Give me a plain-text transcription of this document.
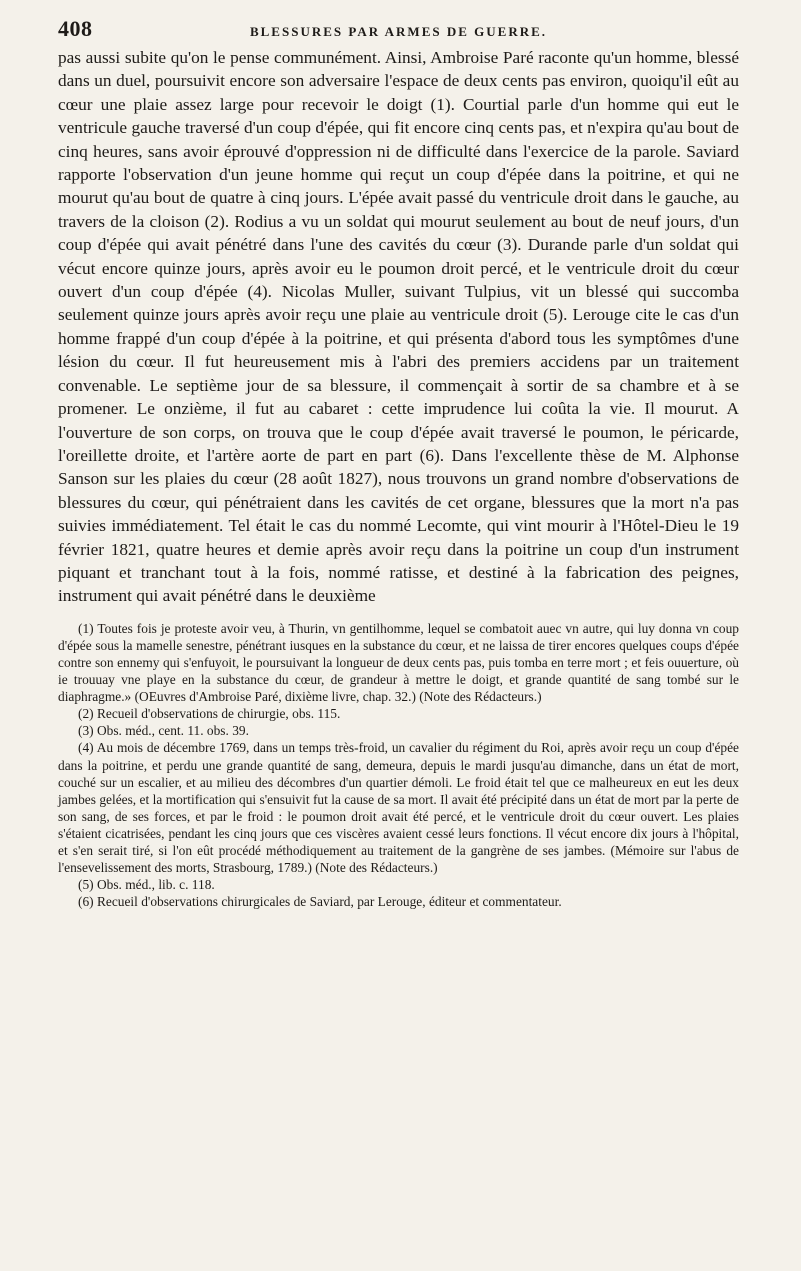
408	BLESSURES PAR ARMES DE GUERRE.

pas aussi subite qu'on le pense communément. Ainsi, Ambroise Paré raconte qu'un homme, blessé dans un duel, poursuivit encore son adversaire l'espace de deux cents pas environ, quoiqu'il eût au cœur une plaie assez large pour recevoir le doigt (1). Courtial parle d'un homme qui eut le ventricule gauche traversé d'un coup d'épée, qui fit encore cinq cents pas, et n'expira qu'au bout de cinq heures, sans avoir éprouvé d'oppression ni de difficulté dans l'exercice de la parole. Saviard rapporte l'observation d'un jeune homme qui reçut un coup d'épée dans la poitrine, et qui ne mourut qu'au bout de quatre à cinq jours. L'épée avait passé du ventricule droit dans le gauche, au travers de la cloison (2). Rodius a vu un soldat qui mourut seulement au bout de neuf jours, d'un coup d'épée qui avait pénétré dans l'une des cavités du cœur (3). Durande parle d'un soldat qui vécut encore quinze jours, après avoir eu le poumon droit percé, et le ventricule droit du cœur ouvert d'un coup d'épée (4). Nicolas Muller, suivant Tulpius, vit un blessé qui succomba seulement quinze jours après avoir reçu une plaie au ventricule droit (5). Lerouge cite le cas d'un homme frappé d'un coup d'épée à la poitrine, et qui présenta d'abord tous les symptômes d'une lésion du cœur. Il fut heureusement mis à l'abri des premiers accidens par un traitement convenable. Le septième jour de sa blessure, il commençait à sortir de sa chambre et à se promener. Le onzième, il fut au cabaret : cette imprudence lui coûta la vie. Il mourut. A l'ouverture de son corps, on trouva que le coup d'épée avait traversé le poumon, le péricarde, l'oreillette droite, et l'artère aorte de part en part (6). Dans l'excellente thèse de M. Alphonse Sanson sur les plaies du cœur (28 août 1827), nous trouvons un grand nombre d'observations de blessures du cœur, qui pénétraient dans les cavités de cet organe, blessures que la mort n'a pas suivies immédiatement. Tel était le cas du nommé Lecomte, qui vint mourir à l'Hôtel-Dieu le 19 février 1821, quatre heures et demie après avoir reçu dans la poitrine un coup d'un instrument piquant et tranchant tout à la fois, nommé ratisse, et destiné à la fabrication des peignes, instrument qui avait pénétré dans le deuxième

(1) Toutes fois je proteste avoir veu, à Thurin, vn gentilhomme, lequel se combatoit auec vn autre, qui luy donna vn coup d'épée sous la mamelle senestre, pénétrant iusques en la substance du cœur, et ne laissa de tirer encores quelques coups d'épée contre son ennemy qui s'enfuyoit, le poursuivant la longueur de deux cents pas, puis tomba en terre mort ; et feis ouuerture, où ie trouuay vne playe en la substance du cœur, de grandeur à mettre le doigt, et grande quantité de sang tombé sur le diaphragme.» (OEuvres d'Ambroise Paré, dixième livre, chap. 32.) (Note des Rédacteurs.)

(2) Recueil d'observations de chirurgie, obs. 115.

(3) Obs. méd., cent. 11. obs. 39.

(4) Au mois de décembre 1769, dans un temps très-froid, un cavalier du régiment du Roi, après avoir reçu un coup d'épée dans la poitrine, et perdu une grande quantité de sang, demeura, depuis le mardi jusqu'au dimanche, dans un état de mort, couché sur un escalier, et au milieu des décombres d'un quartier démoli. Le froid était tel que ce malheureux en eut les deux jambes gelées, et la mortification qui s'ensuivit fut la cause de sa mort. Il avait été précipité dans un état de mort par la perte de son sang, de ses forces, et par le froid : le poumon droit avait été percé, et le ventricule droit du cœur ouvert. Les plaies s'étaient cicatrisées, pendant les cinq jours que ces viscères avaient cessé leurs fonctions. Il vécut encore dix jours à l'hôpital, et s'en serait tiré, si l'on eût procédé méthodiquement au traitement de la gangrène de ses jambes. (Mémoire sur l'abus de l'ensevelissement des morts, Strasbourg, 1789.) (Note des Rédacteurs.)

(5) Obs. méd., lib. c. 118.

(6) Recueil d'observations chirurgicales de Saviard, par Lerouge, éditeur et commentateur.
